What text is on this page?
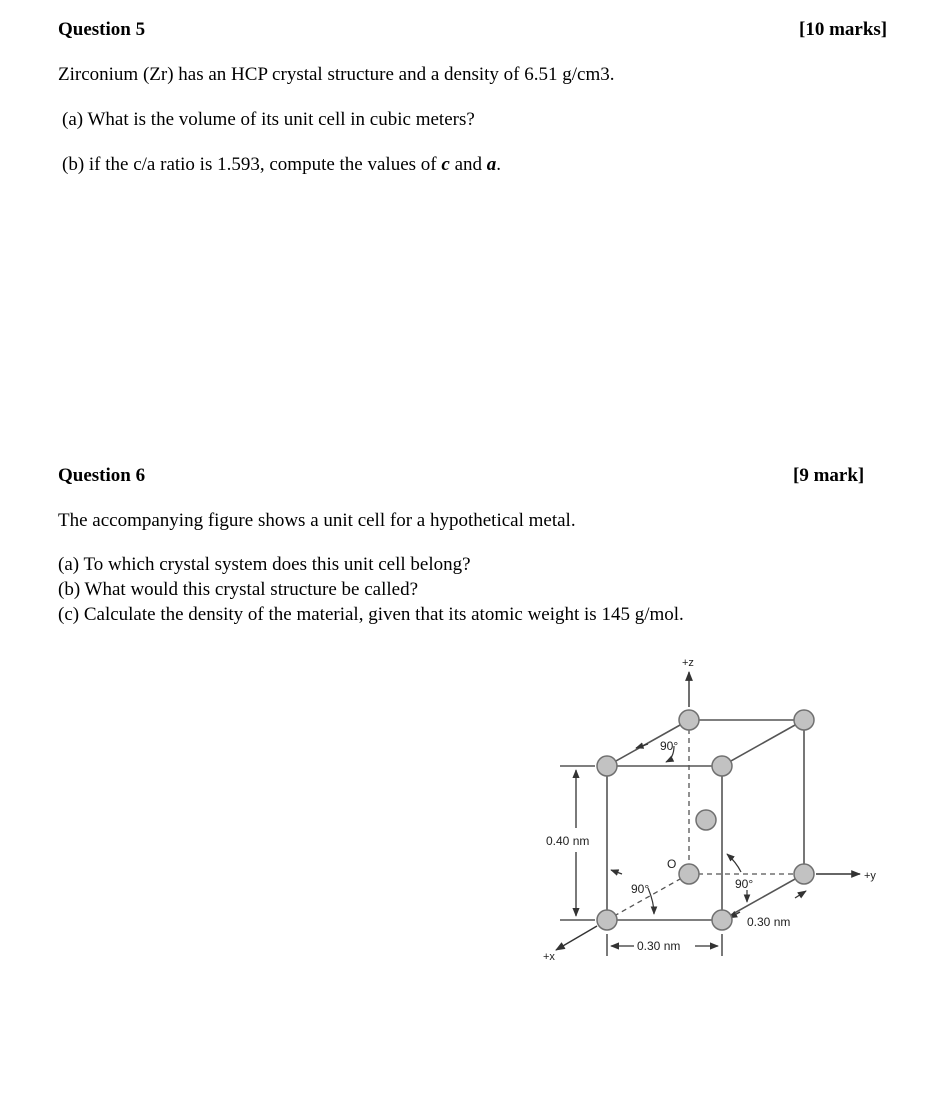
Question 5	[10 marks]
Zirconium (Zr) has an HCP crystal structure and a density of 6.51 g/cm3.
(a) What is the volume of its unit cell in cubic meters?
(b) if the c/a ratio is 1.593, compute the values of c and a.
Question 6	[9 mark]
The accompanying figure shows a unit cell for a hypothetical metal.
(a) To which crystal system does this unit cell belong?
(b) What would this crystal structure be called?
(c) Calculate the density of the material, given that its atomic weight is 145 g/mol.
+z
+y
+x
0.40 nm
0.30 nm
0.30 nm
90°
90°	90°
O
